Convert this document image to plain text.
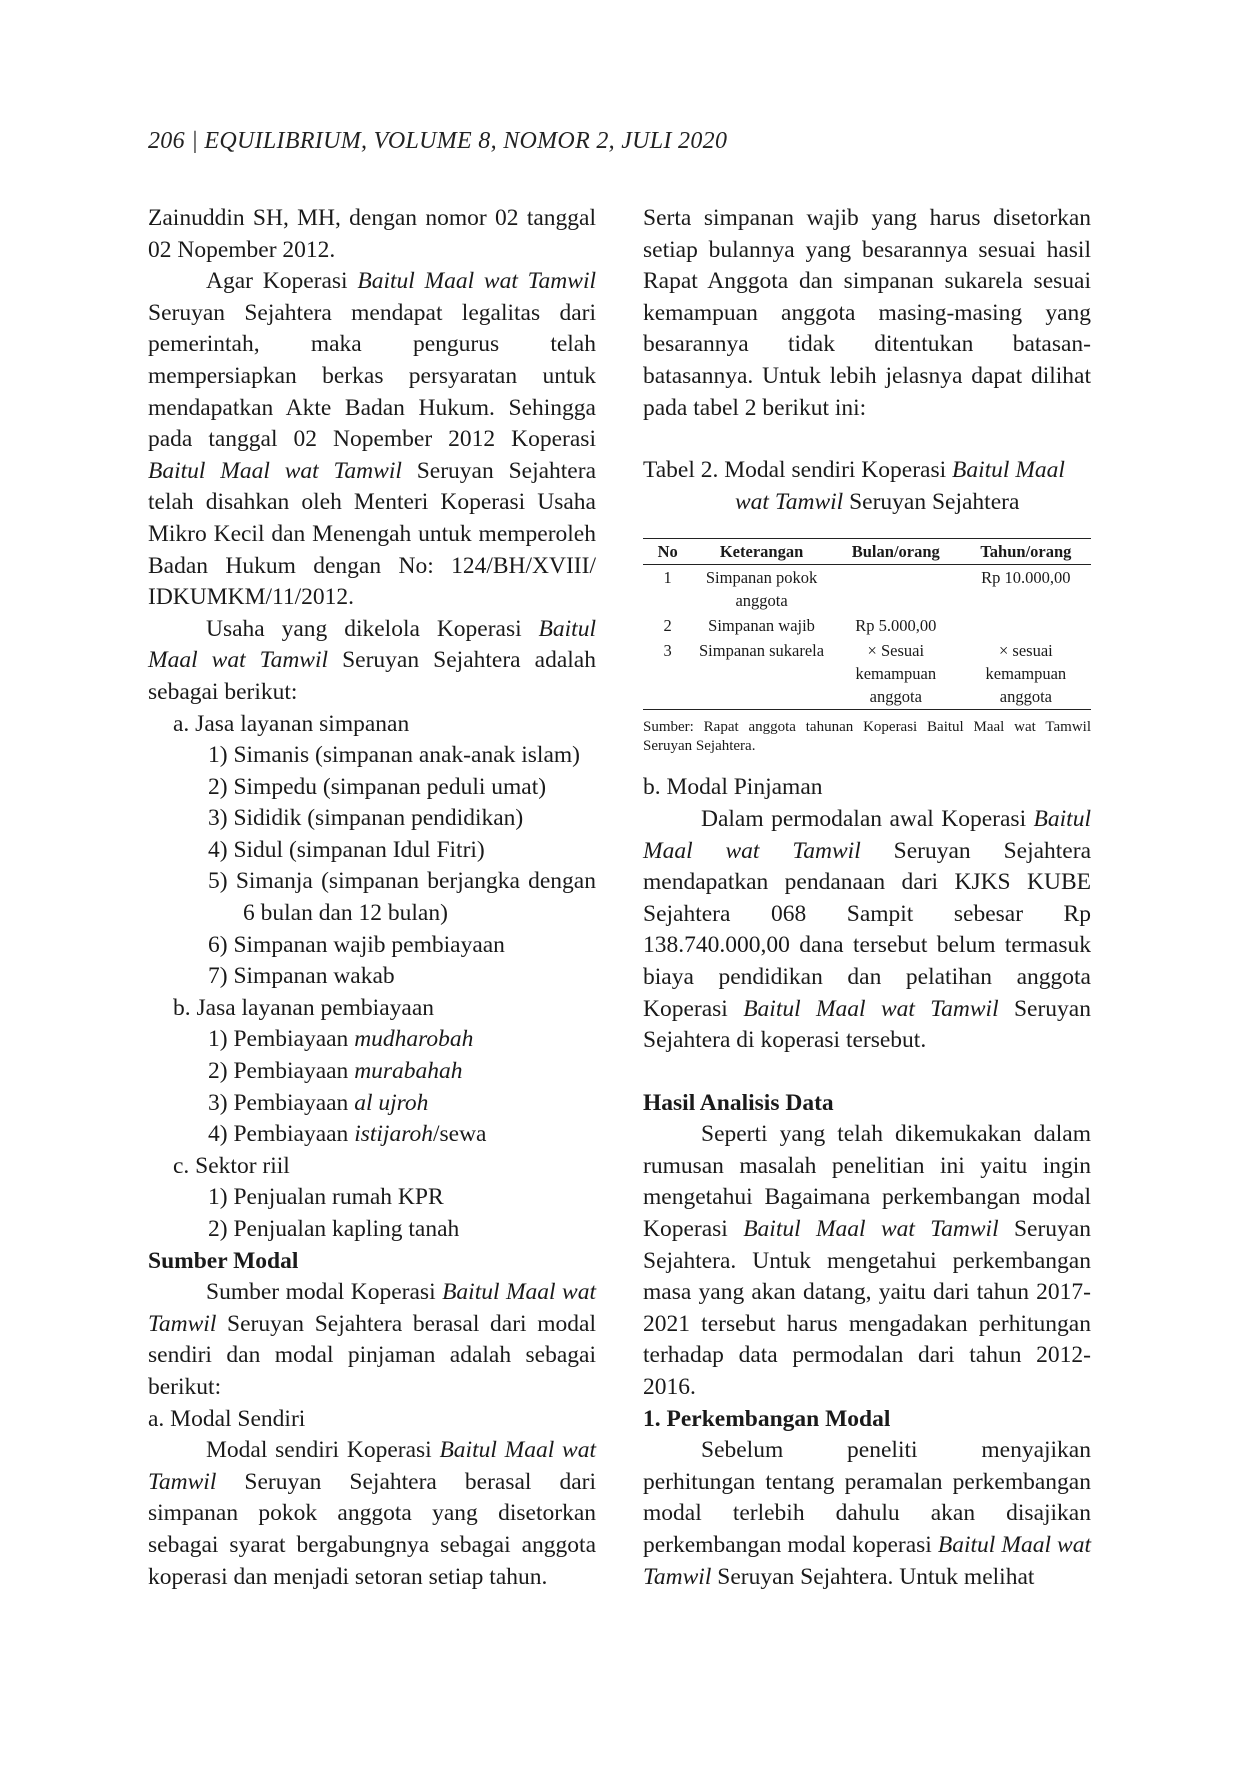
206 | EQUILIBRIUM, VOLUME 8, NOMOR 2, JULI 2020

Zainuddin SH, MH, dengan nomor 02 tanggal 02 Nopember 2012.

Agar Koperasi Baitul Maal wat Tamwil Seruyan Sejahtera mendapat legalitas dari pemerintah, maka pengurus telah mempersiapkan berkas persyaratan untuk mendapatkan Akte Badan Hukum. Sehingga pada tanggal 02 Nopember 2012 Koperasi Baitul Maal wat Tamwil Seruyan Sejahtera telah disahkan oleh Menteri Koperasi Usaha Mikro Kecil dan Menengah untuk memperoleh Badan Hukum dengan No: 124/BH/XVIII/ IDKUMKM/11/2012.

Usaha yang dikelola Koperasi Baitul Maal wat Tamwil Seruyan Sejahtera adalah sebagai berikut:

a. Jasa layanan simpanan

1) Simanis (simpanan anak-anak islam)

2) Simpedu (simpanan peduli umat)

3) Sididik (simpanan pendidikan)

4) Sidul (simpanan Idul Fitri)

5) Simanja (simpanan berjangka dengan 6 bulan dan 12 bulan)

6) Simpanan wajib pembiayaan

7) Simpanan wakab

b. Jasa layanan pembiayaan

1) Pembiayaan mudharobah

2) Pembiayaan murabahah

3) Pembiayaan al ujroh

4) Pembiayaan istijaroh/sewa

c. Sektor riil

1) Penjualan rumah KPR

2) Penjualan kapling tanah

Sumber Modal

Sumber modal Koperasi Baitul Maal wat Tamwil Seruyan Sejahtera berasal dari modal sendiri dan modal pinjaman adalah sebagai berikut:

a. Modal Sendiri

Modal sendiri Koperasi Baitul Maal wat Tamwil Seruyan Sejahtera berasal dari simpanan pokok anggota yang disetorkan sebagai syarat bergabungnya sebagai anggota koperasi dan menjadi setoran setiap tahun.

Serta simpanan wajib yang harus disetorkan setiap bulannya yang besarannya sesuai hasil Rapat Anggota dan simpanan sukarela sesuai kemampuan anggota masing-masing yang besarannya tidak ditentukan batasan-batasannya. Untuk lebih jelasnya dapat dilihat pada tabel 2 berikut ini:

Tabel 2. Modal sendiri Koperasi Baitul Maal

wat Tamwil Seruyan Sejahtera

No	Keterangan	Bulan/orang	Tahun/orang
1	Simpanan pokok anggota		Rp 10.000,00
2	Simpanan wajib	Rp 5.000,00	
3	Simpanan sukarela	× Sesuai kemampuan anggota	× sesuai kemampuan anggota

Sumber: Rapat anggota tahunan Koperasi Baitul Maal wat Tamwil Seruyan Sejahtera.

b. Modal Pinjaman

Dalam permodalan awal Koperasi Baitul Maal wat Tamwil Seruyan Sejahtera mendapatkan pendanaan dari KJKS KUBE Sejahtera 068 Sampit sebesar Rp 138.740.000,00 dana tersebut belum termasuk biaya pendidikan dan pelatihan anggota Koperasi Baitul Maal wat Tamwil Seruyan Sejahtera di koperasi tersebut.

Hasil Analisis Data

Seperti yang telah dikemukakan dalam rumusan masalah penelitian ini yaitu ingin mengetahui Bagaimana perkembangan modal Koperasi Baitul Maal wat Tamwil Seruyan Sejahtera. Untuk mengetahui perkembangan masa yang akan datang, yaitu dari tahun 2017-2021 tersebut harus mengadakan perhitungan terhadap data permodalan dari tahun 2012-2016.

1. Perkembangan Modal

Sebelum peneliti menyajikan perhitungan tentang peramalan perkembangan modal terlebih dahulu akan disajikan perkembangan modal koperasi Baitul Maal wat Tamwil Seruyan Sejahtera. Untuk melihat
